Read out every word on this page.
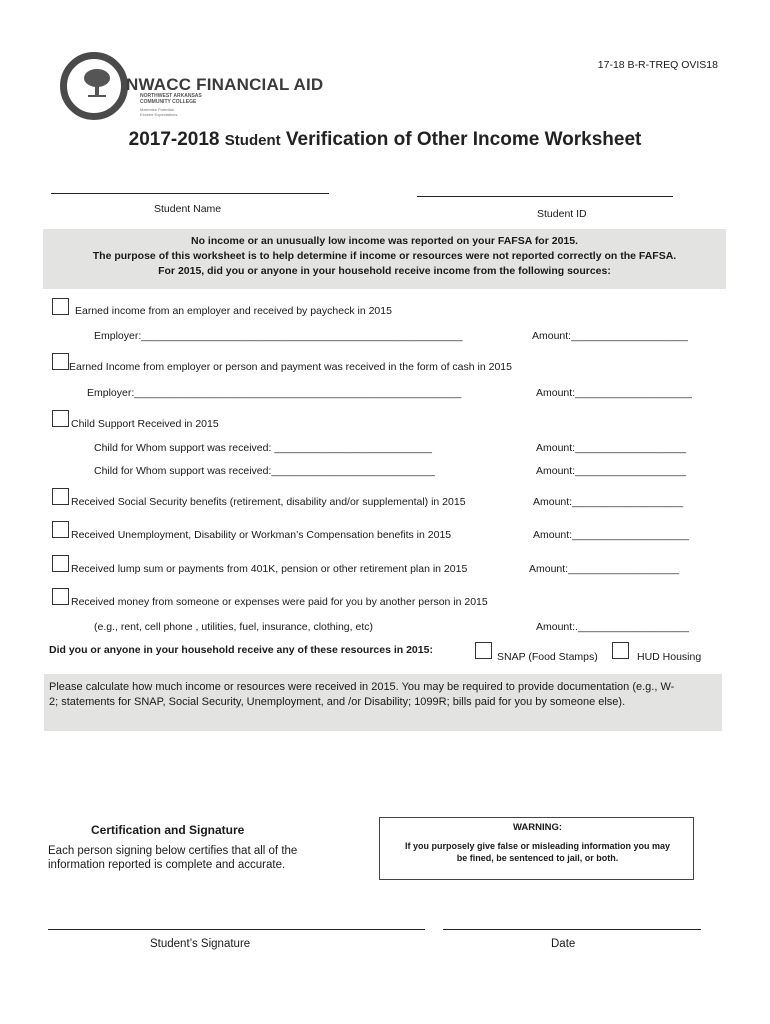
17-18 B-R-TREQ OVIS18
NWACC FINANCIAL AID
NORTHWEST ARKANSAS
COMMUNITY COLLEGE
Maximize Potential.
Exceed Expectations.
2017-2018 Student Verification of Other Income Worksheet
Student Name	Student ID
No income or an unusually low income was reported on your FAFSA for 2015.
The purpose of this worksheet is to help determine if income or resources were not reported correctly on the FAFSA.
For 2015, did you or anyone in your household receive income from the following sources:
Earned income from an employer and received by paycheck in 2015
Employer:_______________________________________________________	Amount:____________________
Earned Income from employer or person and payment was received in the form of cash in 2015
Employer:________________________________________________________	Amount:____________________
Child Support Received in 2015
Child for Whom support was received: ___________________________	Amount:___________________
Child for Whom support was received:____________________________	Amount:___________________
Received Social Security benefits (retirement, disability and/or supplemental) in 2015	Amount:___________________
Received Unemployment, Disability or Workman’s Compensation benefits in 2015	Amount:____________________
Received lump sum or payments from 401K, pension or other retirement plan in 2015	Amount:___________________
Received money from someone or expenses were paid for you by another person in 2015
(e.g., rent, cell phone , utilities, fuel, insurance, clothing, etc)	Amount:.___________________
Did you or anyone in your household receive any of these resources in 2015:
SNAP (Food Stamps)	HUD Housing
Please calculate how much income or resources were received in 2015. You may be required to provide documentation (e.g., W-
2; statements for SNAP, Social Security, Unemployment, and /or Disability; 1099R; bills paid for you by someone else).
Certification and Signature
Each person signing below certifies that all of the
information reported is complete and accurate.
WARNING:
If you purposely give false or misleading information you may
be fined, be sentenced to jail, or both.
Student’s Signature	Date
